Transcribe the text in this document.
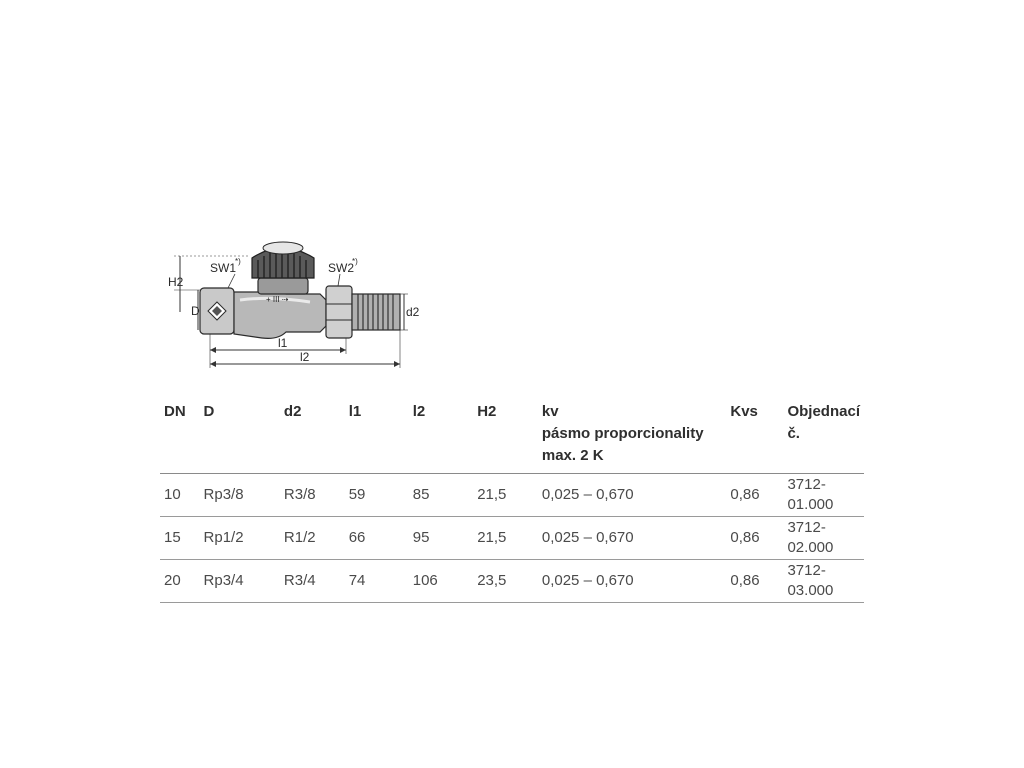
H2
D
+ III ⇢
SW1
*)	SW2
*)
d2
l1
l2
DN	D	d2	l1	l2	H2	kv
pásmo proporcionality
max. 2 K	Kvs	Objednací č.
10	Rp3/8	R3/8	59	85	21,5	0,025 – 0,670	0,86	3712-01.000
15	Rp1/2	R1/2	66	95	21,5	0,025 – 0,670	0,86	3712-02.000
20	Rp3/4	R3/4	74	106	23,5	0,025 – 0,670	0,86	3712-03.000
